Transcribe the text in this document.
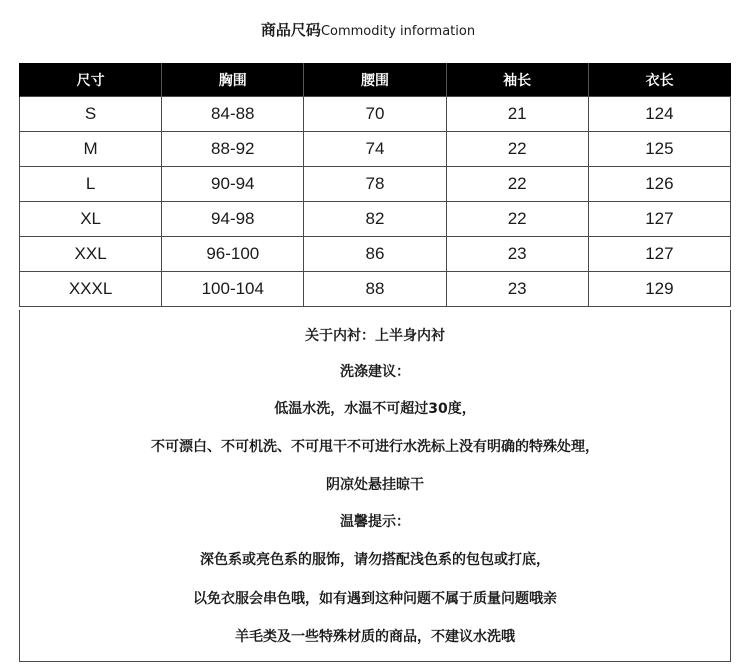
商品尺码Commodity information
尺寸	胸围	腰围	袖长	衣长
S	84-88	70	21	124
M	88-92	74	22	125
L	90-94	78	22	126
XL	94-98	82	22	127
XXL	96-100	86	23	127
XXXL	100-104	88	23	129
关于内衬：上半身内衬
洗涤建议：
低温水洗，水温不可超过30度，
不可漂白、不可机洗、不可甩干不可进行水洗标上没有明确的特殊处理，
阴凉处悬挂晾干
温馨提示：
深色系或亮色系的服饰，请勿搭配浅色系的包包或打底，
以免衣服会串色哦，如有遇到这种问题不属于质量问题哦亲
羊毛类及一些特殊材质的商品，不建议水洗哦
